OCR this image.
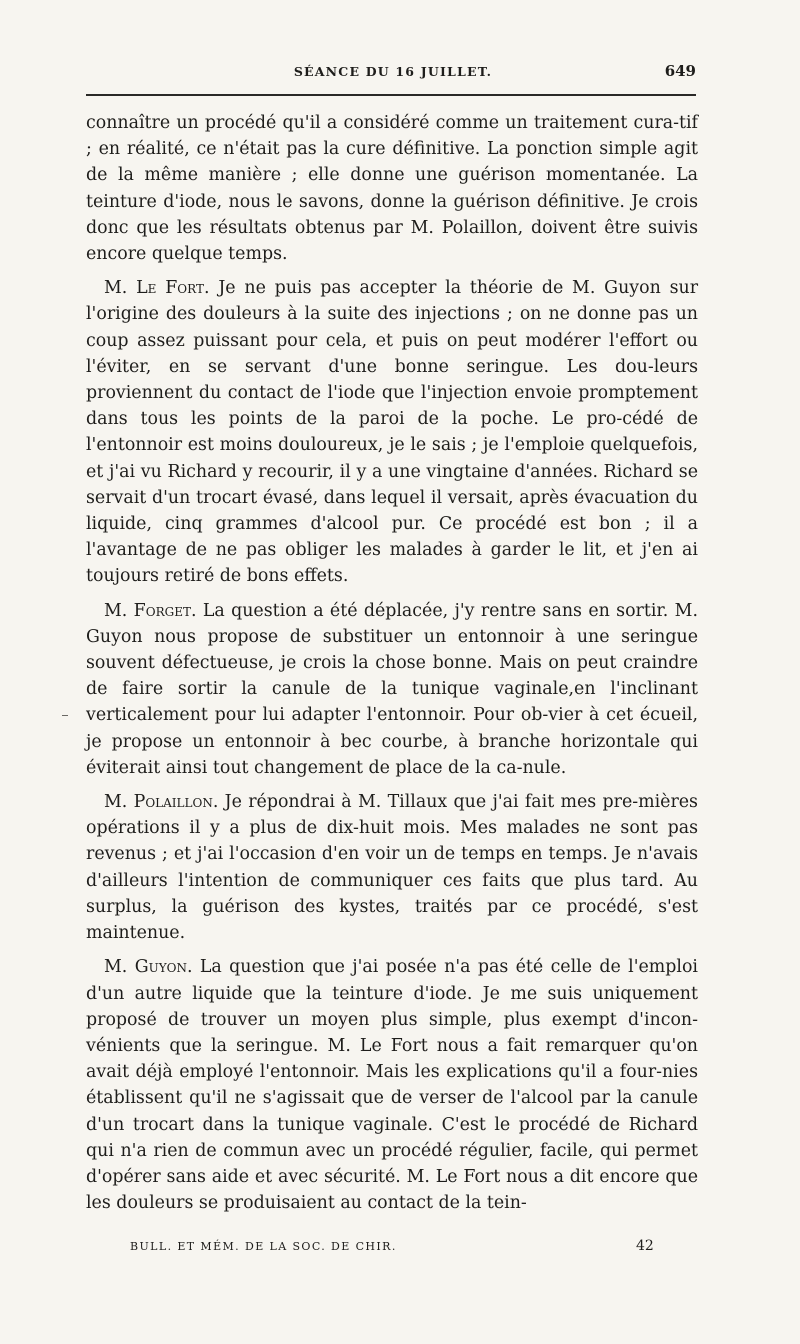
SÉANCE DU 16 JUILLET.	649

connaître un procédé qu'il a considéré comme un traitement cura-tif ; en réalité, ce n'était pas la cure définitive. La ponction simple agit de la même manière ; elle donne une guérison momentanée. La teinture d'iode, nous le savons, donne la guérison définitive. Je crois donc que les résultats obtenus par M. Polaillon, doivent être suivis encore quelque temps.

M. Le Fort. Je ne puis pas accepter la théorie de M. Guyon sur l'origine des douleurs à la suite des injections ; on ne donne pas un coup assez puissant pour cela, et puis on peut modérer l'effort ou l'éviter, en se servant d'une bonne seringue. Les dou-leurs proviennent du contact de l'iode que l'injection envoie promptement dans tous les points de la paroi de la poche. Le pro-cédé de l'entonnoir est moins douloureux, je le sais ; je l'emploie quelquefois, et j'ai vu Richard y recourir, il y a une vingtaine d'années. Richard se servait d'un trocart évasé, dans lequel il versait, après évacuation du liquide, cinq grammes d'alcool pur. Ce procédé est bon ; il a l'avantage de ne pas obliger les malades à garder le lit, et j'en ai toujours retiré de bons effets.

M. Forget. La question a été déplacée, j'y rentre sans en sortir. M. Guyon nous propose de substituer un entonnoir à une seringue souvent défectueuse, je crois la chose bonne. Mais on peut craindre de faire sortir la canule de la tunique vaginale,en l'inclinant verticalement pour lui adapter l'entonnoir. Pour ob-vier à cet écueil, je propose un entonnoir à bec courbe, à branche horizontale qui éviterait ainsi tout changement de place de la ca-nule.

M. Polaillon. Je répondrai à M. Tillaux que j'ai fait mes pre-mières opérations il y a plus de dix-huit mois. Mes malades ne sont pas revenus ; et j'ai l'occasion d'en voir un de temps en temps. Je n'avais d'ailleurs l'intention de communiquer ces faits que plus tard. Au surplus, la guérison des kystes, traités par ce procédé, s'est maintenue.

M. Guyon. La question que j'ai posée n'a pas été celle de l'emploi d'un autre liquide que la teinture d'iode. Je me suis uniquement proposé de trouver un moyen plus simple, plus exempt d'incon-vénients que la seringue. M. Le Fort nous a fait remarquer qu'on avait déjà employé l'entonnoir. Mais les explications qu'il a four-nies établissent qu'il ne s'agissait que de verser de l'alcool par la canule d'un trocart dans la tunique vaginale. C'est le procédé de Richard qui n'a rien de commun avec un procédé régulier, facile, qui permet d'opérer sans aide et avec sécurité. M. Le Fort nous a dit encore que les douleurs se produisaient au contact de la tein-

BULL. ET MÉM. DE LA SOC. DE CHIR.	42
